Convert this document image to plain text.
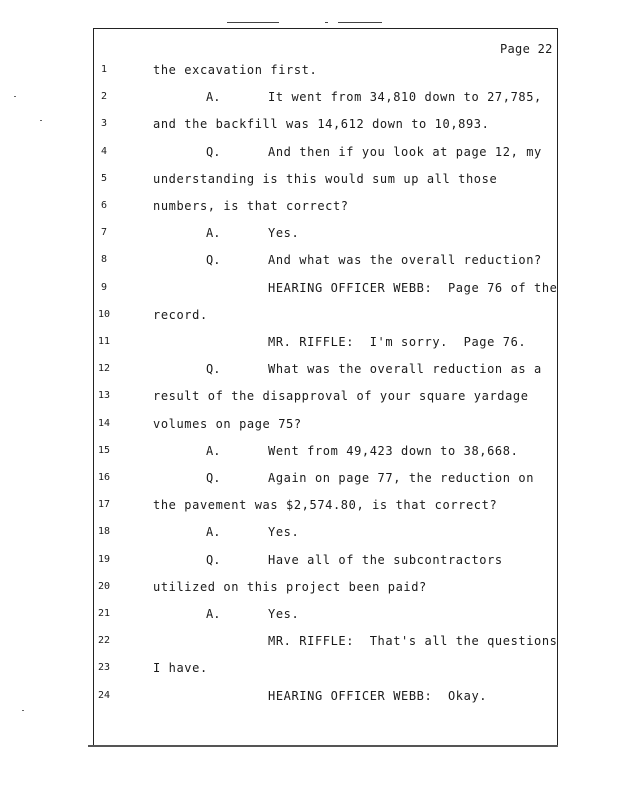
Page 22
1	the excavation first.
2	A.	It went from 34,810 down to 27,785,
3	and the backfill was 14,612 down to 10,893.
4	Q.	And then if you look at page 12, my
5	understanding is this would sum up all those
6	numbers, is that correct?
7	A.	Yes.
8	Q.	And what was the overall reduction?
9	HEARING OFFICER WEBB:  Page 76 of the
10	record.
11	MR. RIFFLE:  I'm sorry.  Page 76.
12	Q.	What was the overall reduction as a
13	result of the disapproval of your square yardage
14	volumes on page 75?
15	A.	Went from 49,423 down to 38,668.
16	Q.	Again on page 77, the reduction on
17	the pavement was $2,574.80, is that correct?
18	A.	Yes.
19	Q.	Have all of the subcontractors
20	utilized on this project been paid?
21	A.	Yes.
22	MR. RIFFLE:  That's all the questions
23	I have.
24	HEARING OFFICER WEBB:  Okay.
